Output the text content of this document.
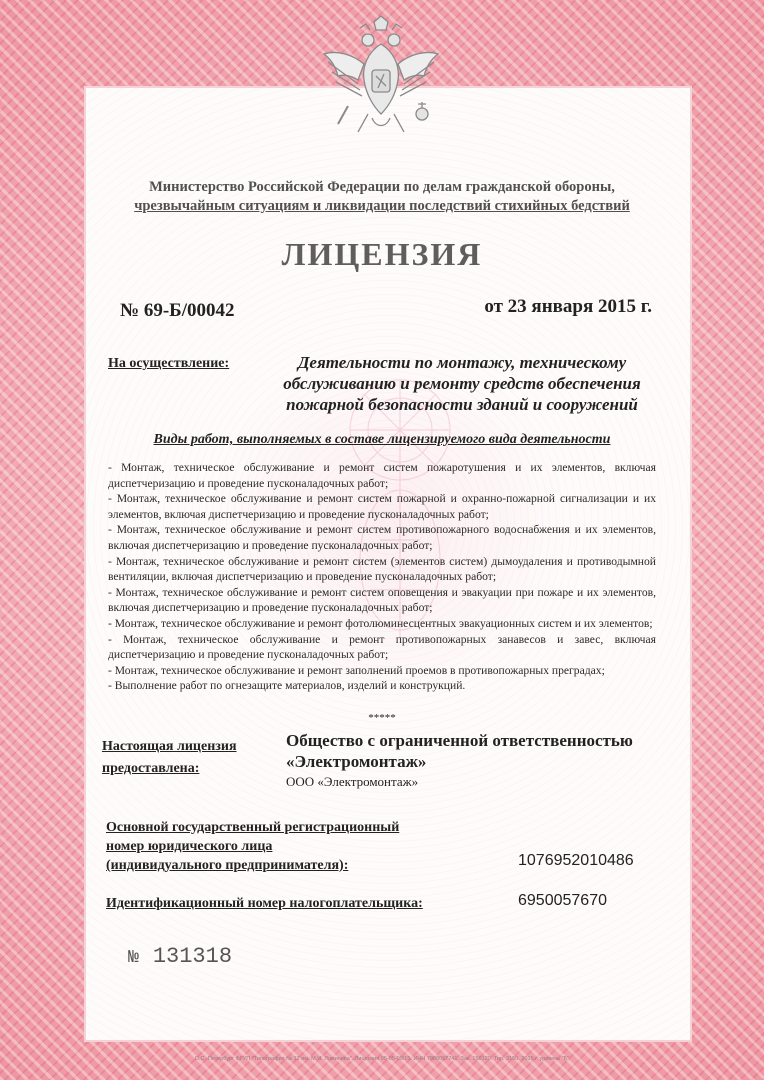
Министерство Российской Федерации по делам гражданской обороны,
чрезвычайным ситуациям и ликвидации последствий стихийных бедствий
ЛИЦЕНЗИЯ
№ 69-Б/00042	от 23 января 2015 г.
На осуществление:	Деятельности по монтажу, техническому обслуживанию и ремонту средств обеспечения пожарной безопасности зданий и сооружений
Виды работ, выполняемых в составе лицензируемого вида деятельности
- Монтаж, техническое обслуживание и ремонт систем пожаротушения и их элементов, включая диспетчеризацию и проведение пусконаладочных работ;
- Монтаж, техническое обслуживание и ремонт систем пожарной и охранно-пожарной сигнализации и их элементов, включая диспетчеризацию и проведение пусконаладочных работ;
- Монтаж, техническое обслуживание и ремонт систем противопожарного водоснабжения и их элементов, включая диспетчеризацию и проведение пусконаладочных работ;
- Монтаж, техническое обслуживание и ремонт систем (элементов систем) дымоудаления и противодымной вентиляции, включая диспетчеризацию и проведение пусконаладочных работ;
- Монтаж, техническое обслуживание и ремонт систем оповещения и эвакуации при пожаре и их элементов, включая диспетчеризацию и проведение пусконаладочных работ;
- Монтаж, техническое обслуживание и ремонт фотолюминесцентных эвакуационных систем и их элементов;
- Монтаж, техническое обслуживание и ремонт противопожарных занавесов и завес, включая диспетчеризацию и проведение пусконаладочных работ;
- Монтаж, техническое обслуживание и ремонт заполнений проемов в противопожарных преградах;
- Выполнение работ по огнезащите материалов, изделий и конструкций.
*****
Настоящая лицензия
предоставлена:
Общество с ограниченной ответственностью
«Электромонтаж»
ООО «Электромонтаж»
Основной государственный регистрационный
номер юридического лица
(индивидуального предпринимателя):	1076952010486
Идентификационный номер налогоплательщика:	6950057670
№ 131318
О.С.-Петербург ФГУП "Типография № 12 им. М.И. Ломинова". Лицензия 05-05-09/15. ИНН 7808057741. Зак. 150120. Тир. 3150. 2015 г. уровень "Б"
